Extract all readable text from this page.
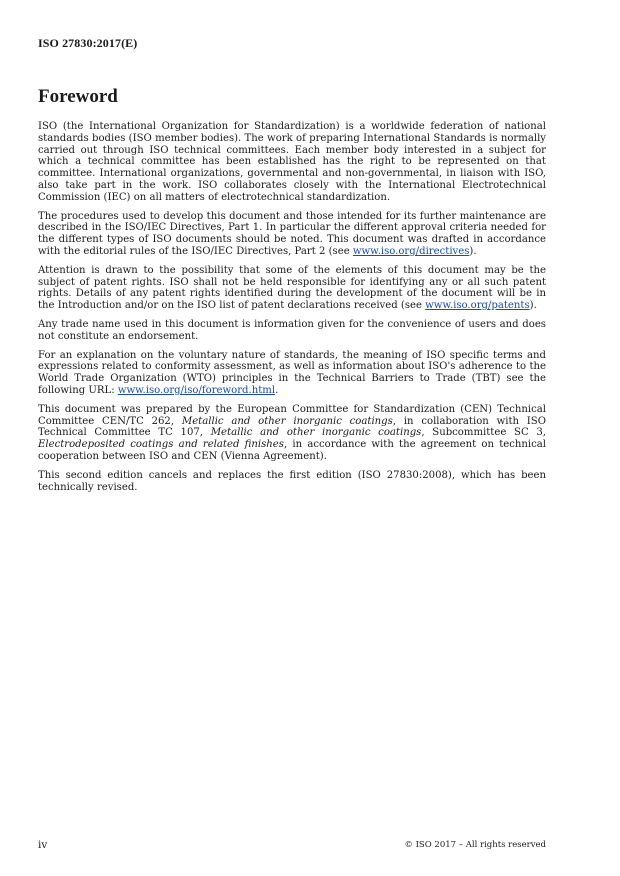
ISO 27830:2017(E)
Foreword

ISO (the International Organization for Standardization) is a worldwide federation of national standards bodies (ISO member bodies). The work of preparing International Standards is normally carried out through ISO technical committees. Each member body interested in a subject for which a technical committee has been established has the right to be represented on that committee. International organizations, governmental and non-governmental, in liaison with ISO, also take part in the work. ISO collaborates closely with the International Electrotechnical Commission (IEC) on all matters of electrotechnical standardization.

The procedures used to develop this document and those intended for its further maintenance are described in the ISO/IEC Directives, Part 1. In particular the different approval criteria needed for the different types of ISO documents should be noted. This document was drafted in accordance with the editorial rules of the ISO/IEC Directives, Part 2 (see www.iso.org/directives).

Attention is drawn to the possibility that some of the elements of this document may be the subject of patent rights. ISO shall not be held responsible for identifying any or all such patent rights. Details of any patent rights identified during the development of the document will be in the Introduction and/or on the ISO list of patent declarations received (see www.iso.org/patents).

Any trade name used in this document is information given for the convenience of users and does not constitute an endorsement.

For an explanation on the voluntary nature of standards, the meaning of ISO specific terms and expressions related to conformity assessment, as well as information about ISO's adherence to the World Trade Organization (WTO) principles in the Technical Barriers to Trade (TBT) see the following URL: www.iso.org/iso/foreword.html.

This document was prepared by the European Committee for Standardization (CEN) Technical Committee CEN/TC 262, Metallic and other inorganic coatings, in collaboration with ISO Technical Committee TC 107, Metallic and other inorganic coatings, Subcommittee SC 3, Electrodeposited coatings and related finishes, in accordance with the agreement on technical cooperation between ISO and CEN (Vienna Agreement).

This second edition cancels and replaces the first edition (ISO 27830:2008), which has been technically revised.

iv	© ISO 2017 – All rights reserved
